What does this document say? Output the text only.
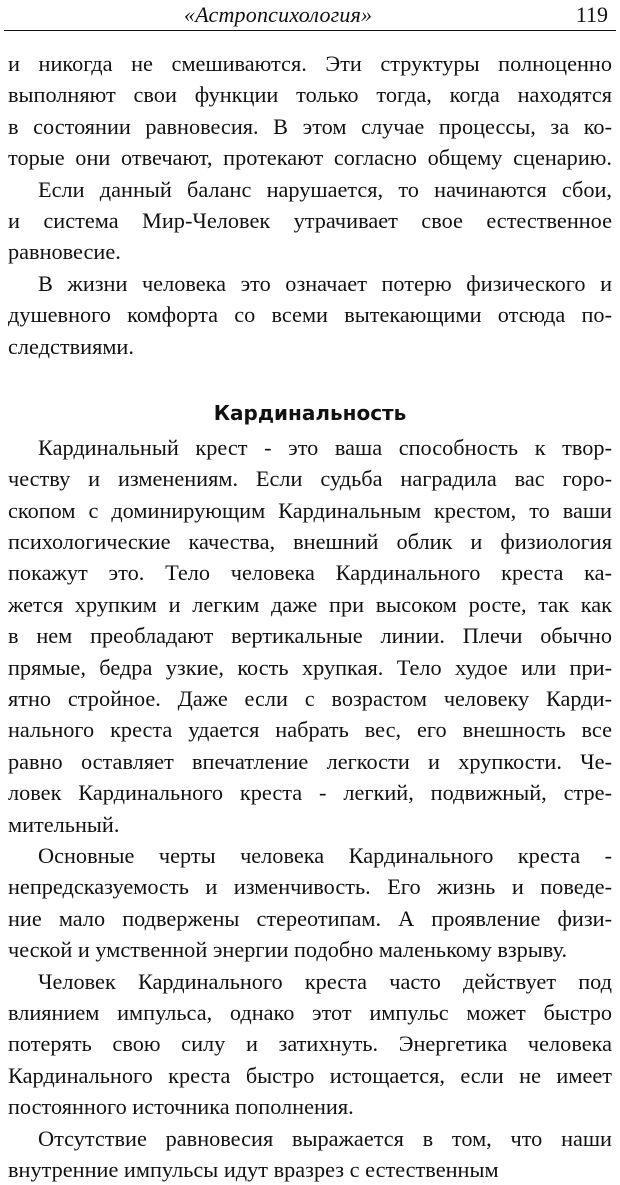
«Астропсихология»	119
и никогда не смешиваются. Эти структуры полноценно
выполняют свои функции только тогда, когда находятся
в состоянии равновесия. В этом случае процессы, за ко-
торые они отвечают, протекают согласно общему сценарию.
Если данный баланс нарушается, то начинаются сбои,
и система Мир-Человек утрачивает свое естественное
равновесие.
В жизни человека это означает потерю физического и
душевного комфорта со всеми вытекающими отсюда по-
следствиями.
Кардинальность
Кардинальный крест - это ваша способность к твор-
честву и изменениям. Если судьба наградила вас горо-
скопом с доминирующим Кардинальным крестом, то ваши
психологические качества, внешний облик и физиология
покажут это. Тело человека Кардинального креста ка-
жется хрупким и легким даже при высоком росте, так как
в нем преобладают вертикальные линии. Плечи обычно
прямые, бедра узкие, кость хрупкая. Тело худое или при-
ятно стройное. Даже если с возрастом человеку Карди-
нального креста удается набрать вес, его внешность все
равно оставляет впечатление легкости и хрупкости. Че-
ловек Кардинального креста - легкий, подвижный, стре-
мительный.
Основные черты человека Кардинального креста -
непредсказуемость и изменчивость. Его жизнь и поведе-
ние мало подвержены стереотипам. А проявление физи-
ческой и умственной энергии подобно маленькому взрыву.
Человек Кардинального креста часто действует под
влиянием импульса, однако этот импульс может быстро
потерять свою силу и затихнуть. Энергетика человека
Кардинального креста быстро истощается, если не имеет
постоянного источника пополнения.
Отсутствие равновесия выражается в том, что наши
внутренние импульсы идут вразрез с естественным
